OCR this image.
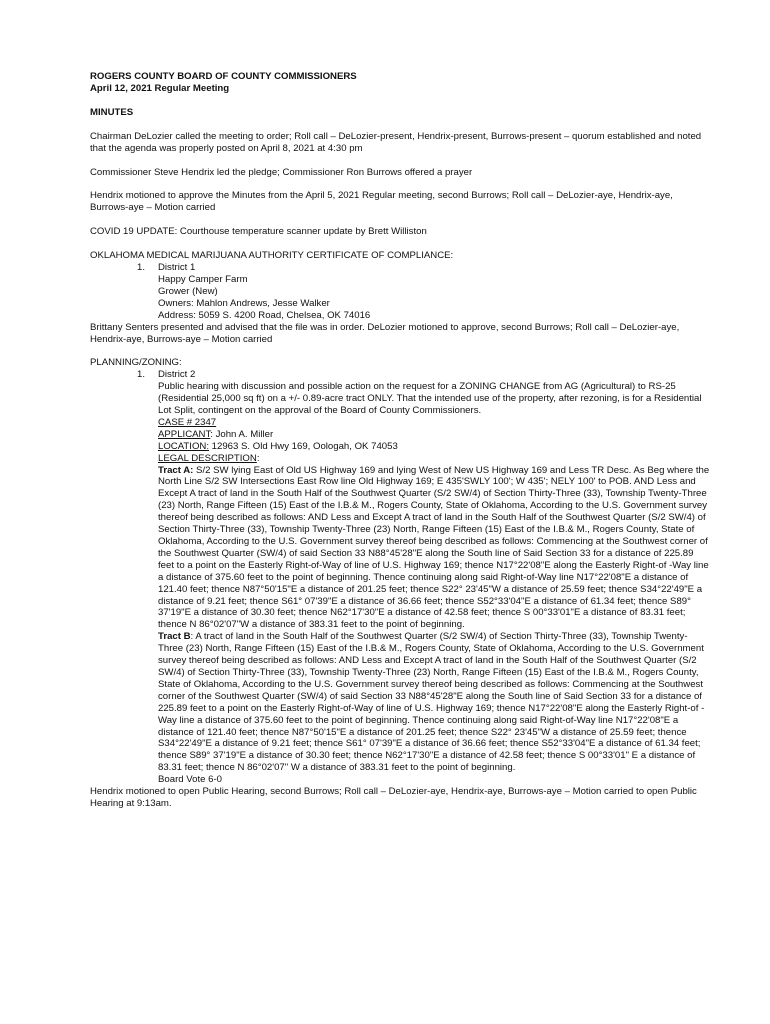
ROGERS COUNTY BOARD OF COUNTY COMMISSIONERS

April 12, 2021 Regular Meeting

MINUTES

Chairman DeLozier called the meeting to order; Roll call – DeLozier-present, Hendrix-present, Burrows-present – quorum established and noted that the agenda was properly posted on April 8, 2021 at 4:30 pm

Commissioner Steve Hendrix led the pledge; Commissioner Ron Burrows offered a prayer

Hendrix motioned to approve the Minutes from the April 5, 2021 Regular meeting, second Burrows; Roll call – DeLozier-aye, Hendrix-aye, Burrows-aye – Motion carried

COVID 19 UPDATE: Courthouse temperature scanner update by Brett Williston

OKLAHOMA MEDICAL MARIJUANA AUTHORITY CERTIFICATE OF COMPLIANCE:

1. District 1
Happy Camper Farm
Grower (New)
Owners: Mahlon Andrews, Jesse Walker
Address: 5059 S. 4200 Road, Chelsea, OK 74016

Brittany Senters presented and advised that the file was in order. DeLozier motioned to approve, second Burrows; Roll call – DeLozier-aye, Hendrix-aye, Burrows-aye – Motion carried

PLANNING/ZONING:

1. District 2
Public hearing with discussion and possible action on the request for a ZONING CHANGE from AG (Agricultural) to RS-25 (Residential 25,000 sq ft) on a +/- 0.89-acre tract ONLY. That the intended use of the property, after rezoning, is for a Residential Lot Split, contingent on the approval of the Board of County Commissioners.
CASE # 2347
APPLICANT: John A. Miller
LOCATION: 12963 S. Old Hwy 169, Oologah, OK 74053
LEGAL DESCRIPTION:
Tract A: S/2 SW lying East of Old US Highway 169 and lying West of New US Highway 169 and Less TR Desc. As Beg where the North Line S/2 SW Intersections East Row line Old Highway 169; E 435'SWLY 100'; W 435'; NELY 100' to POB. AND Less and Except A tract of land in the South Half of the Southwest Quarter (S/2 SW/4) of Section Thirty-Three (33), Township Twenty-Three (23) North, Range Fifteen (15) East of the I.B.& M., Rogers County, State of Oklahoma, According to the U.S. Government survey thereof being described as follows: AND Less and Except A tract of land in the South Half of the Southwest Quarter (S/2 SW/4) of Section Thirty-Three (33), Township Twenty-Three (23) North, Range Fifteen (15) East of the I.B.& M., Rogers County, State of Oklahoma, According to the U.S. Government survey thereof being described as follows: Commencing at the Southwest corner of the Southwest Quarter (SW/4) of said Section 33 N88°45'28"E along the South line of Said Section 33 for a distance of 225.89 feet to a point on the Easterly Right-of-Way of line of U.S. Highway 169; thence N17°22'08"E along the Easterly Right-of -Way line a distance of 375.60 feet to the point of beginning. Thence continuing along said Right-of-Way line N17°22'08"E a distance of 121.40 feet; thence N87°50'15"E a distance of 201.25 feet; thence S22° 23'45"W a distance of 25.59 feet; thence S34°22'49"E a distance of 9.21 feet; thence S61° 07'39"E a distance of 36.66 feet; thence S52°33'04"E a distance of 61.34 feet; thence S89° 37'19"E a distance of 30.30 feet; thence N62°17'30"E a distance of 42.58 feet; thence S 00°33'01"E a distance of 83.31 feet; thence N 86°02'07"W a distance of 383.31 feet to the point of beginning.
Tract B: A tract of land in the South Half of the Southwest Quarter (S/2 SW/4) of Section Thirty-Three (33), Township Twenty-Three (23) North, Range Fifteen (15) East of the I.B.& M., Rogers County, State of Oklahoma, According to the U.S. Government survey thereof being described as follows: AND Less and Except A tract of land in the South Half of the Southwest Quarter (S/2 SW/4) of Section Thirty-Three (33), Township Twenty-Three (23) North, Range Fifteen (15) East of the I.B.& M., Rogers County, State of Oklahoma, According to the U.S. Government survey thereof being described as follows: Commencing at the Southwest corner of the Southwest Quarter (SW/4) of said Section 33 N88°45'28"E along the South line of Said Section 33 for a distance of 225.89 feet to a point on the Easterly Right-of-Way of line of U.S. Highway 169; thence N17°22'08"E along the Easterly Right-of -Way line a distance of 375.60 feet to the point of beginning. Thence continuing along said Right-of-Way line N17°22'08"E a distance of 121.40 feet; thence N87°50'15"E a distance of 201.25 feet; thence S22° 23'45"W a distance of 25.59 feet; thence S34°22'49"E a distance of 9.21 feet; thence S61° 07'39"E a distance of 36.66 feet; thence S52°33'04"E a distance of 61.34 feet; thence S89° 37'19"E a distance of 30.30 feet; thence N62°17'30"E a distance of 42.58 feet; thence S 00°33'01" E a distance of 83.31 feet; thence N 86°02'07" W a distance of 383.31 feet to the point of beginning.
Board Vote 6-0

Hendrix motioned to open Public Hearing, second Burrows; Roll call – DeLozier-aye, Hendrix-aye, Burrows-aye – Motion carried to open Public Hearing at 9:13am.
